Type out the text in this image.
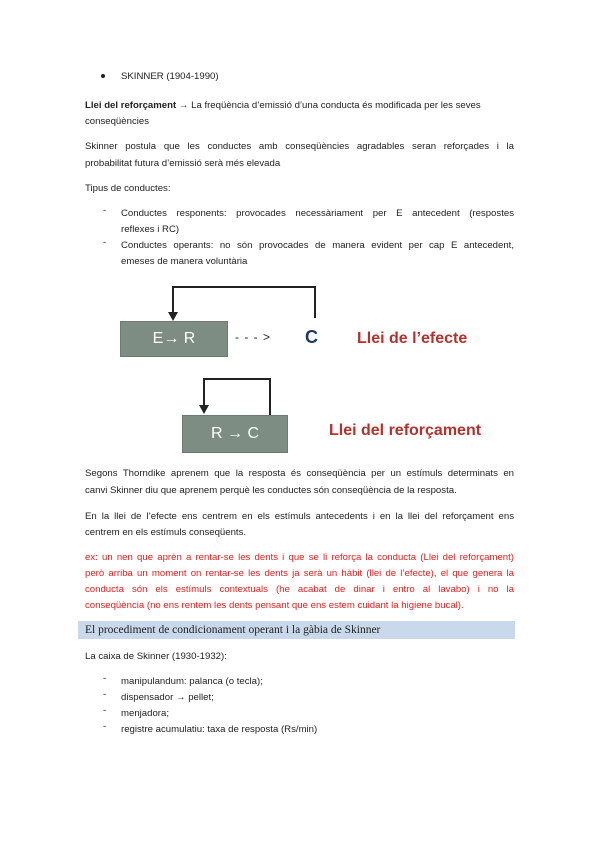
SKINNER (1904-1990)
Llei del reforçament → La freqüència d’emissió d’una conducta és modificada per les seves
conseqüències
Skinner postula que les conductes amb conseqüències agradables seran reforçades i la
probabilitat futura d’emissió serà més elevada
Tipus de conductes:
- Conductes responents: provocades necessàriament per E antecedent (respostes
reflexes i RC)
- Conductes operants: no són provocades de manera evident per cap E antecedent,
emeses de manera voluntària
E→ R	- - - > C Llei de l’efecte
R → C	Llei del reforçament
Segons Thorndike aprenem que la resposta és conseqüència per un estímuls determinats en
canvi Skinner diu que aprenem perquè les conductes són conseqüència de la resposta.
En la llei de l’efecte ens centrem en els estímuls antecedents i en la llei del reforçament ens
centrem en els estímuls conseqüents.
ex: un nen que aprèn a rentar-se les dents i que se li reforça la conducta (Llei del reforçament)
però arriba un moment on rentar-se les dents ja serà un hàbit (llei de l’efecte), el que genera la
conducta són els estímuls contextuals (he acabat de dinar i entro al lavabo) i no la
conseqüència (no ens rentem les dents pensant que ens estem cuidant la higiene bucal).
El procediment de condicionament operant i la gàbia de Skinner
La caixa de Skinner (1930-1932):
- manipulandum: palanca (o tecla);
- dispensador → pellet;
- menjadora;
- registre acumulatiu: taxa de resposta (Rs/min)
